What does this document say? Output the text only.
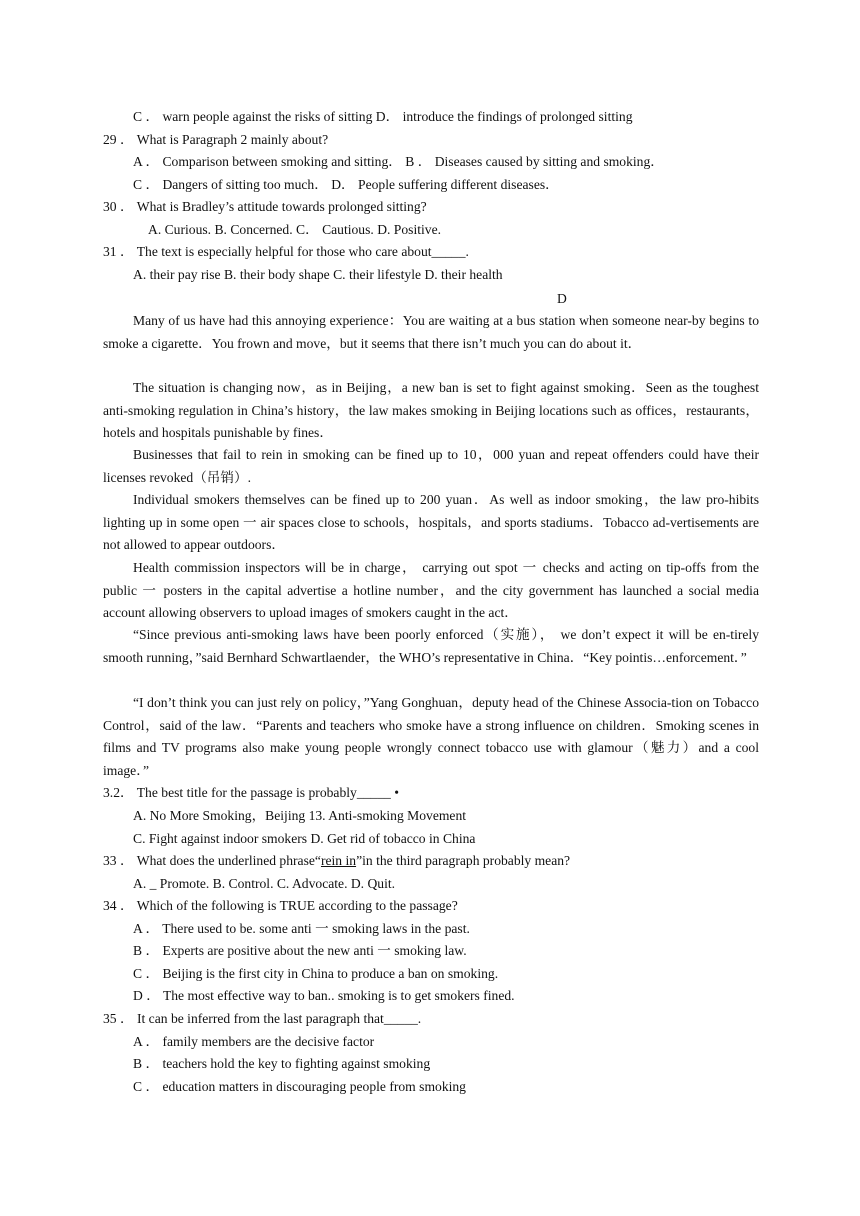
C ． warn people against the risks of sitting D． introduce the findings of prolonged sitting
29 ． What is Paragraph 2 mainly about?
A ． Comparison between smoking and sitting． B ． Diseases caused by sitting and smoking．
C ． Dangers of sitting too much． D． People suffering different diseases．
30 ． What is Bradley’s attitude towards prolonged sitting?
A. Curious. B. Concerned. C． Cautious. D. Positive.
31 ． The text is especially helpful for those who care about_____.
A. their pay rise B. their body shape C. their lifestyle D. their health
D

Many of us have had this annoying experience：You are waiting at a bus station when someone near-by begins to smoke a cigarette．You frown and move，but it seems that there isn’t much you can do about it．

The situation is changing now，as in Beijing，a new ban is set to fight against smoking．Seen as the toughest anti-smoking regulation in China’s history，the law makes smoking in Beijing locations such as offices，restaurants，hotels and hospitals punishable by fines．

Businesses that fail to rein in smoking can be fined up to 10，000 yuan and repeat offenders could have their licenses revoked（吊销）.

Individual smokers themselves can be fined up to 200 yuan．As well as indoor smoking，the law pro-hibits lighting up in some open 一 air spaces close to schools，hospitals，and sports stadiums．Tobacco ad-vertisements are not allowed to appear outdoors．

Health commission inspectors will be in charge， carrying out spot 一 checks and acting on tip-offs from the public 一 posters in the capital advertise a hotline number，and the city government has launched a social media account allowing observers to upload images of smokers caught in the act．

“Since previous anti-smoking laws have been poorly enforced（实施）， we don’t expect it will be en-tirely smooth running，”said Bernhard Schwartlaender，the WHO’s representative in China．“Key pointis…enforcement．”

“I don’t think you can just rely on policy，”Yang Gonghuan，deputy head of the Chinese Associa-tion on Tobacco Control，said of the law．“Parents and teachers who smoke have a strong influence on children．Smoking scenes in films and TV programs also make young people wrongly connect tobacco use with glamour（魅力）and a cool image．”

3.2． The best title for the passage is probably_____ •
A. No More Smoking，Beijing 13. Anti-smoking Movement
C. Fight against indoor smokers D. Get rid of tobacco in China
33 ． What does the underlined phrase“rein in”in the third paragraph probably mean?
A. _ Promote. B. Control. C. Advocate. D. Quit.
34 ． Which of the following is TRUE according to the passage?
A ． There used to be. some anti 一 smoking laws in the past.
B ． Experts are positive about the new anti 一 smoking law.
C ． Beijing is the first city in China to produce a ban on smoking.
D ． The most effective way to ban.. smoking is to get smokers fined.
35 ． It can be inferred from the last paragraph that_____.
A ． family members are the decisive factor
B ． teachers hold the key to fighting against smoking
C ． education matters in discouraging people from smoking
